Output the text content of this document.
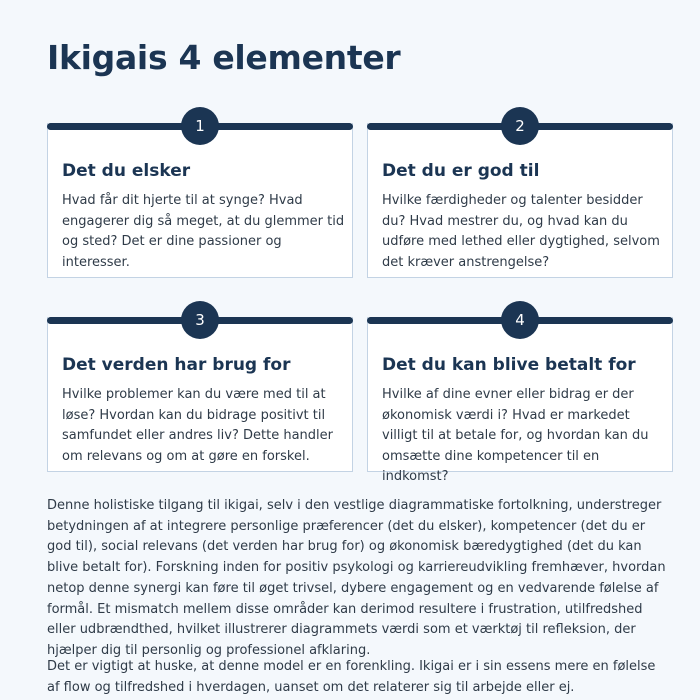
Ikigais 4 elementer
1
Det du elsker
Hvad får dit hjerte til at synge? Hvad engagerer dig så meget, at du glemmer tid og sted? Det er dine passioner og interesser.
2
Det du er god til
Hvilke færdigheder og talenter besidder du? Hvad mestrer du, og hvad kan du udføre med lethed eller dygtighed, selvom det kræver anstrengelse?
3
Det verden har brug for
Hvilke problemer kan du være med til at løse? Hvordan kan du bidrage positivt til samfundet eller andres liv? Dette handler om relevans og om at gøre en forskel.
4
Det du kan blive betalt for
Hvilke af dine evner eller bidrag er der økonomisk værdi i? Hvad er markedet villigt til at betale for, og hvordan kan du omsætte dine kompetencer til en indkomst?

Denne holistiske tilgang til ikigai, selv i den vestlige diagrammatiske fortolkning, understreger betydningen af at integrere personlige præferencer (det du elsker), kompetencer (det du er god til), social relevans (det verden har brug for) og økonomisk bæredygtighed (det du kan blive betalt for). Forskning inden for positiv psykologi og karriereudvikling fremhæver, hvordan netop denne synergi kan føre til øget trivsel, dybere engagement og en vedvarende følelse af formål. Et mismatch mellem disse områder kan derimod resultere i frustration, utilfredshed eller udbrændthed, hvilket illustrerer diagrammets værdi som et værktøj til refleksion, der hjælper dig til personlig og professionel afklaring.

Det er vigtigt at huske, at denne model er en forenkling. Ikigai er i sin essens mere en følelse af flow og tilfredshed i hverdagen, uanset om det relaterer sig til arbejde eller ej.
